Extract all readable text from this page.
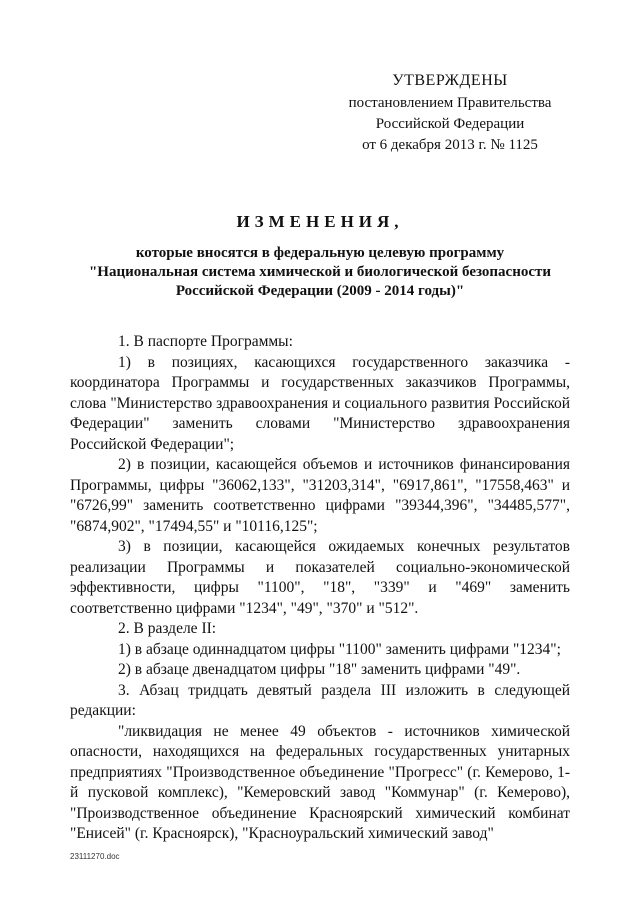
УТВЕРЖДЕНЫ
постановлением Правительства
Российской Федерации
от 6 декабря 2013 г. № 1125
ИЗМЕНЕНИЯ,
которые вносятся в федеральную целевую программу
"Национальная система химической и биологической безопасности
Российской Федерации (2009 - 2014 годы)"

1. В паспорте Программы:

1) в позициях, касающихся государственного заказчика - координатора Программы и государственных заказчиков Программы, слова "Министерство здравоохранения и социального развития Российской Федерации" заменить словами "Министерство здравоохранения Российской Федерации";

2) в позиции, касающейся объемов и источников финансирования Программы, цифры "36062,133", "31203,314", "6917,861", "17558,463" и "6726,99" заменить соответственно цифрами "39344,396", "34485,577", "6874,902", "17494,55" и "10116,125";

3) в позиции, касающейся ожидаемых конечных результатов реализации Программы и показателей социально-экономической эффективности, цифры "1100", "18", "339" и "469" заменить соответственно цифрами "1234", "49", "370" и "512".

2. В разделе II:

1) в абзаце одиннадцатом цифры "1100" заменить цифрами "1234";

2) в абзаце двенадцатом цифры "18" заменить цифрами "49".

3. Абзац тридцать девятый раздела III изложить в следующей редакции:

"ликвидация не менее 49 объектов - источников химической опасности, находящихся на федеральных государственных унитарных предприятиях "Производственное объединение "Прогресс" (г. Кемерово, 1-й пусковой комплекс), "Кемеровский завод "Коммунар" (г. Кемерово), "Производственное объединение Красноярский химический комбинат "Енисей" (г. Красноярск), "Красноуральский химический завод"

23111270.doc
